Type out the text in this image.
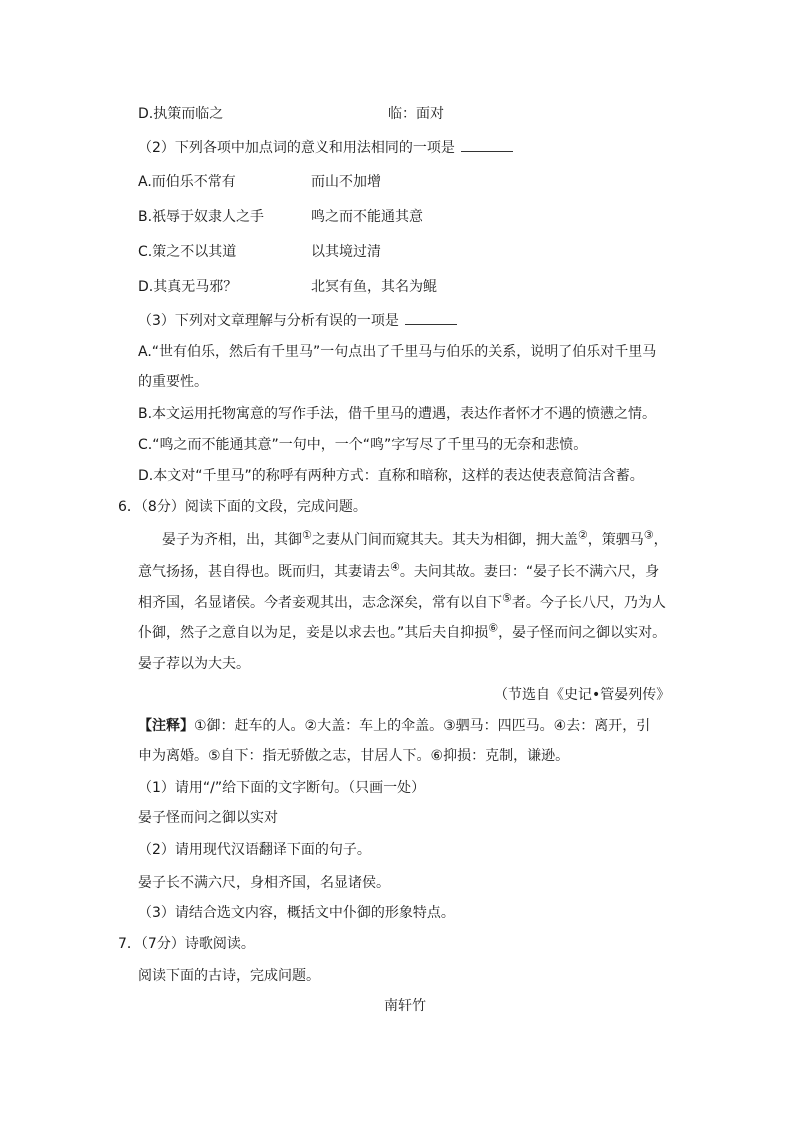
D.执策而临之	临：面对
（2）下列各项中加点词的意义和用法相同的一项是
A.而伯乐不常有	而山不加增
B.祇辱于奴隶人之手	鸣之而不能通其意
C.策之不以其道	以其境过清
D.其真无马邪？	北冥有鱼，其名为鲲
（3）下列对文章理解与分析有误的一项是
A.“世有伯乐，然后有千里马”一句点出了千里马与伯乐的关系，说明了伯乐对千里马
的重要性。
B.本文运用托物寓意的写作手法，借千里马的遭遇，表达作者怀才不遇的愤懑之情。
C.“鸣之而不能通其意”一句中，一个“鸣”字写尽了千里马的无奈和悲愤。
D.本文对“千里马”的称呼有两种方式：直称和暗称，这样的表达使表意简洁含蓄。
6．（8分）阅读下面的文段，完成问题。
晏子为齐相，出，其御①之妻从门间而窥其夫。其夫为相御，拥大盖②，策驷马③，
意气扬扬，甚自得也。既而归，其妻请去④。夫问其故。妻曰：“晏子长不满六尺，身
相齐国，名显诸侯。今者妾观其出，志念深矣，常有以自下⑤者。今子长八尺，乃为人
仆御，然子之意自以为足，妾是以求去也。”其后夫自抑损⑥，晏子怪而问之御以实对。
晏子荐以为大夫。
（节选自《史记•管晏列传》
【注释】①御：赶车的人。②大盖：车上的伞盖。③驷马：四匹马。④去：离开，引
申为离婚。⑤自下：指无骄傲之志，甘居人下。⑥抑损：克制，谦逊。
（1）请用“/”给下面的文字断句。（只画一处）
晏子怪而问之御以实对
（2）请用现代汉语翻译下面的句子。
晏子长不满六尺，身相齐国，名显诸侯。
（3）请结合选文内容，概括文中仆御的形象特点。
7．（7分）诗歌阅读。
阅读下面的古诗，完成问题。
南轩竹
